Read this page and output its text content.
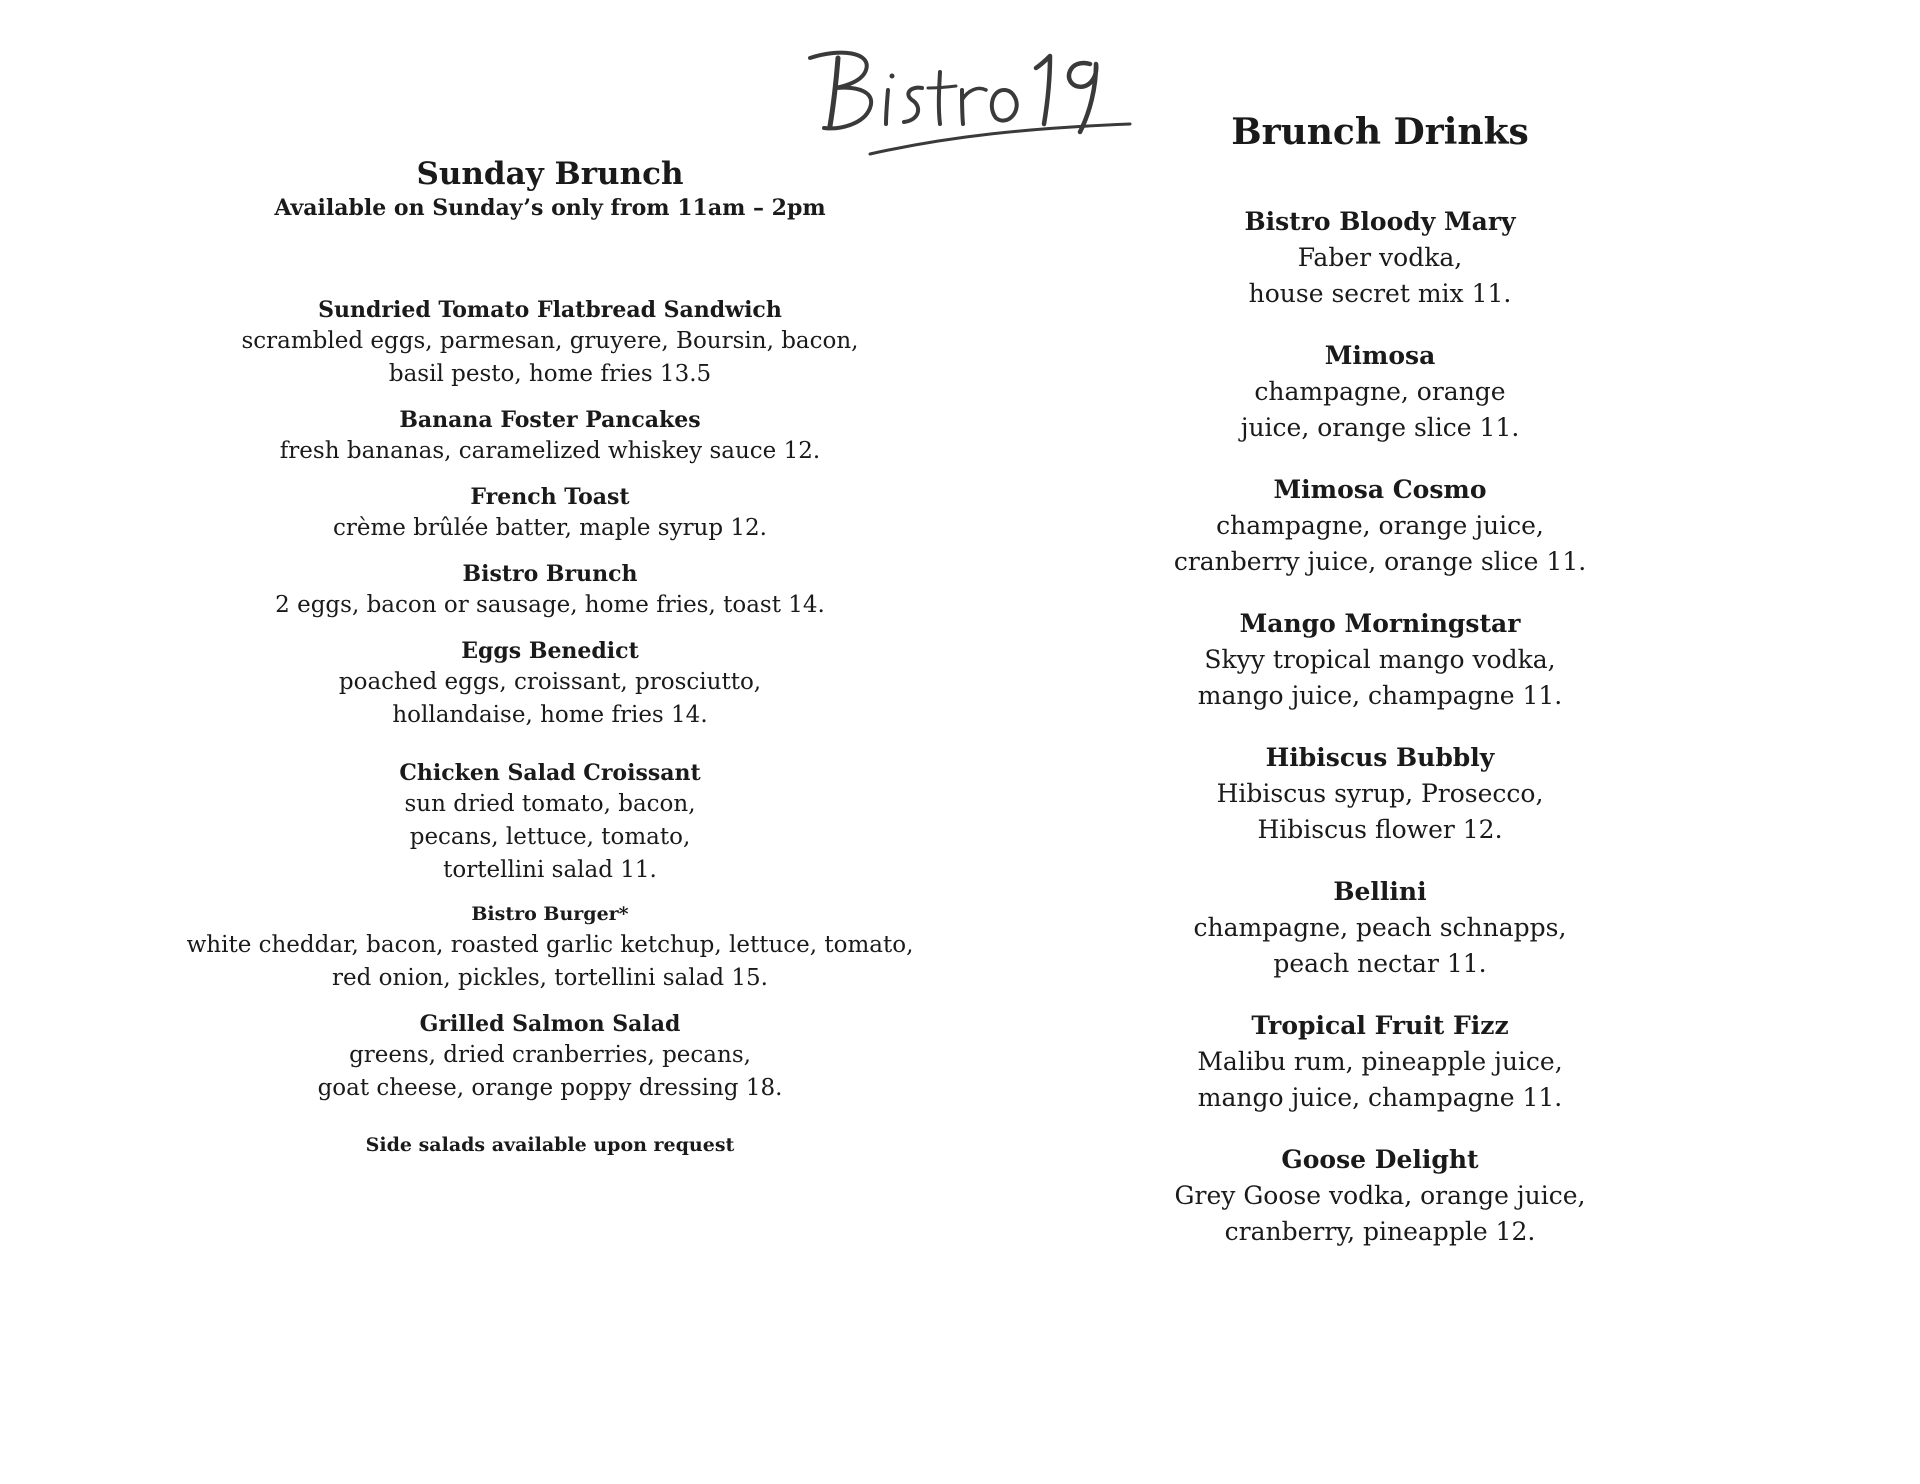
Sunday Brunch
Available on Sunday’s only from 11am – 2pm
Sundried Tomato Flatbread Sandwich
scrambled eggs, parmesan, gruyere, Boursin, bacon,
basil pesto, home fries 13.5
Banana Foster Pancakes
fresh bananas, caramelized whiskey sauce 12.
French Toast
crème brûlée batter, maple syrup 12.
Bistro Brunch
2 eggs, bacon or sausage, home fries, toast 14.
Eggs Benedict
poached eggs, croissant, prosciutto,
hollandaise, home fries 14.
Chicken Salad Croissant
sun dried tomato, bacon,
pecans, lettuce, tomato,
tortellini salad 11.
Bistro Burger*
white cheddar, bacon, roasted garlic ketchup, lettuce, tomato,
red onion, pickles, tortellini salad 15.
Grilled Salmon Salad
greens, dried cranberries, pecans,
goat cheese, orange poppy dressing 18.
Side salads available upon request
Brunch Drinks
Bistro Bloody Mary
Faber vodka,
house secret mix 11.
Mimosa
champagne, orange
juice, orange slice 11.
Mimosa Cosmo
champagne, orange juice,
cranberry juice, orange slice 11.
Mango Morningstar
Skyy tropical mango vodka,
mango juice, champagne 11.
Hibiscus Bubbly
Hibiscus syrup, Prosecco,
Hibiscus flower 12.
Bellini
champagne, peach schnapps,
peach nectar 11.
Tropical Fruit Fizz
Malibu rum, pineapple juice,
mango juice, champagne 11.
Goose Delight
Grey Goose vodka, orange juice,
cranberry, pineapple 12.
